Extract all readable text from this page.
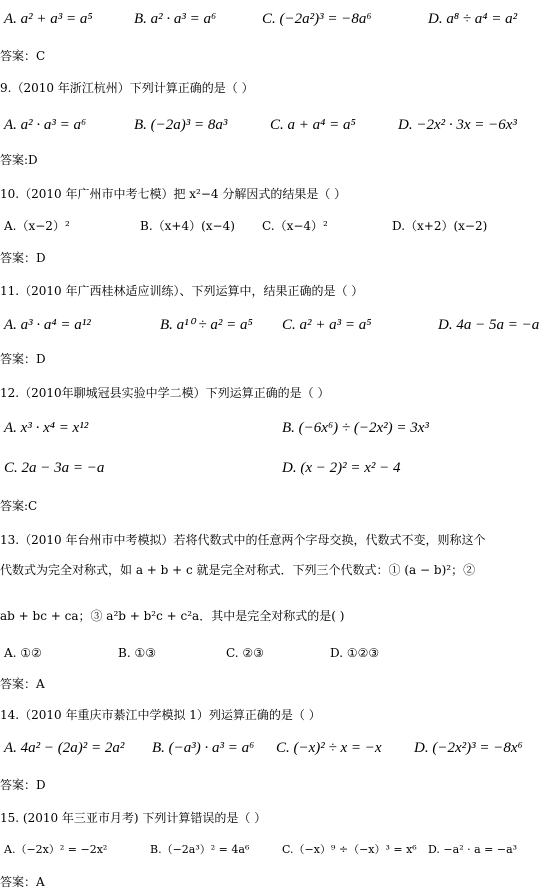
A. a² + a³ = a⁵	B. a² · a³ = a⁶	C. (−2a²)³ = −8a⁶	D. a⁸ ÷ a⁴ = a²
答案：C
9.（2010 年浙江杭州）下列计算正确的是（ ）
A. a² · a³ = a⁶	B. (−2a)³ = 8a³	C. a + a⁴ = a⁵	D. −2x² · 3x = −6x³
答案:D
10.（2010 年广州市中考七模）把 x²−4 分解因式的结果是（ ）
A.（x−2）²	B.（x+4）(x−4) C.（x−4）²	D.（x+2）(x−2)
答案：D
11.（2010 年广西桂林适应训练）、下列运算中，结果正确的是（ ）
A. a³ · a⁴ = a¹²	B. a¹⁰ ÷ a² = a⁵ C. a² + a³ = a⁵	D. 4a − 5a = −a
答案：D
12.（2010年聊城冠县实验中学二模）下列运算正确的是（ ）
A. x³ · x⁴ = x¹²	B. (−6x⁶) ÷ (−2x²) = 3x³
C. 2a − 3a = −a	D. (x − 2)² = x² − 4
答案:C
13.（2010 年台州市中考模拟）若将代数式中的任意两个字母交换，代数式不变，则称这个
代数式为完全对称式，如 a + b + c 就是完全对称式．下列三个代数式：① (a − b)²；②
ab + bc + ca；③ a²b + b²c + c²a．其中是完全对称式的是( )
A. ①②	B. ①③	C. ②③	D. ①②③
答案：A
14.（2010 年重庆市綦江中学模拟 1）列运算正确的是（ ）
A. 4a² − (2a)² = 2a² B. (−a³) · a³ = a⁶ C. (−x)² ÷ x = −x D. (−2x²)³ = −8x⁶
答案：D
15. (2010 年三亚市月考) 下列计算错误的是（ ）
A.（−2x）² = −2x²	B.（−2a³）² = 4a⁶	C.（−x）⁹ ÷（−x）³ = x⁶ D. −a² · a = −a³
答案：A
